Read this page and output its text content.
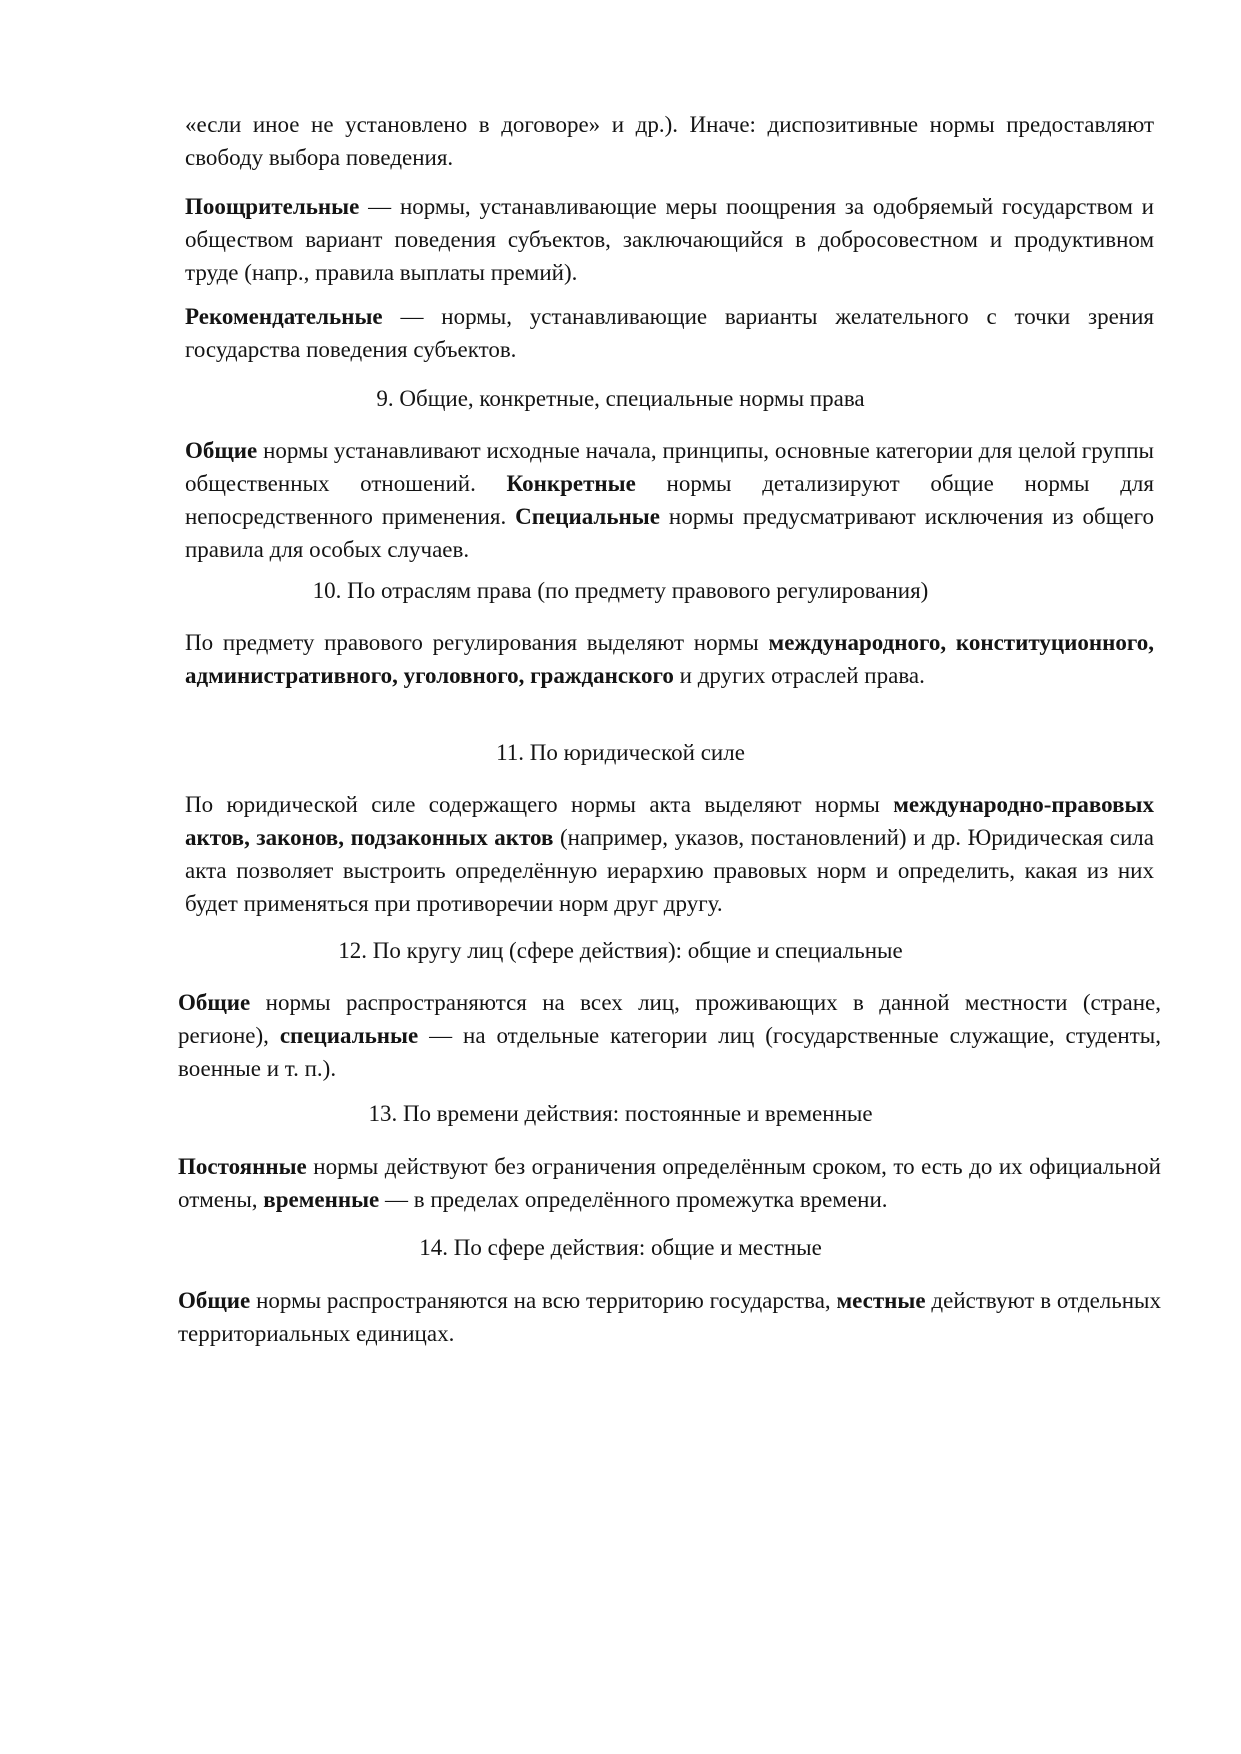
«если иное не установлено в договоре» и др.). Иначе: диспозитивные нормы предоставляют свободу выбора поведения.

Поощрительные — нормы, устанавливающие меры поощрения за одобряемый государством и обществом вариант поведения субъектов, заключающийся в добросовестном и продуктивном труде (напр., правила выплаты премий).

Рекомендательные — нормы, устанавливающие варианты желательного с точки зрения государства поведения субъектов.

9. Общие, конкретные, специальные нормы права

Общие нормы устанавливают исходные начала, принципы, основные категории для целой группы общественных отношений. Конкретные нормы детализируют общие нормы для непосредственного применения. Специальные нормы предусматривают исключения из общего правила для особых случаев.

10. По отраслям права (по предмету правового регулирования)

По предмету правового регулирования выделяют нормы международного, конституционного, административного, уголовного, гражданского и других отраслей права.

11. По юридической силе

По юридической силе содержащего нормы акта выделяют нормы международно-правовых актов, законов, подзаконных актов (например, указов, постановлений) и др. Юридическая сила акта позволяет выстроить определённую иерархию правовых норм и определить, какая из них будет применяться при противоречии норм друг другу.

12. По кругу лиц (сфере действия): общие и специальные

Общие нормы распространяются на всех лиц, проживающих в данной местности (стране, регионе), специальные — на отдельные категории лиц (государственные служащие, студенты, военные и т. п.).

13. По времени действия: постоянные и временные

Постоянные нормы действуют без ограничения определённым сроком, то есть до их официальной отмены, временные — в пределах определённого промежутка времени.

14. По сфере действия: общие и местные

Общие нормы распространяются на всю территорию государства, местные действуют в отдельных территориальных единицах.
